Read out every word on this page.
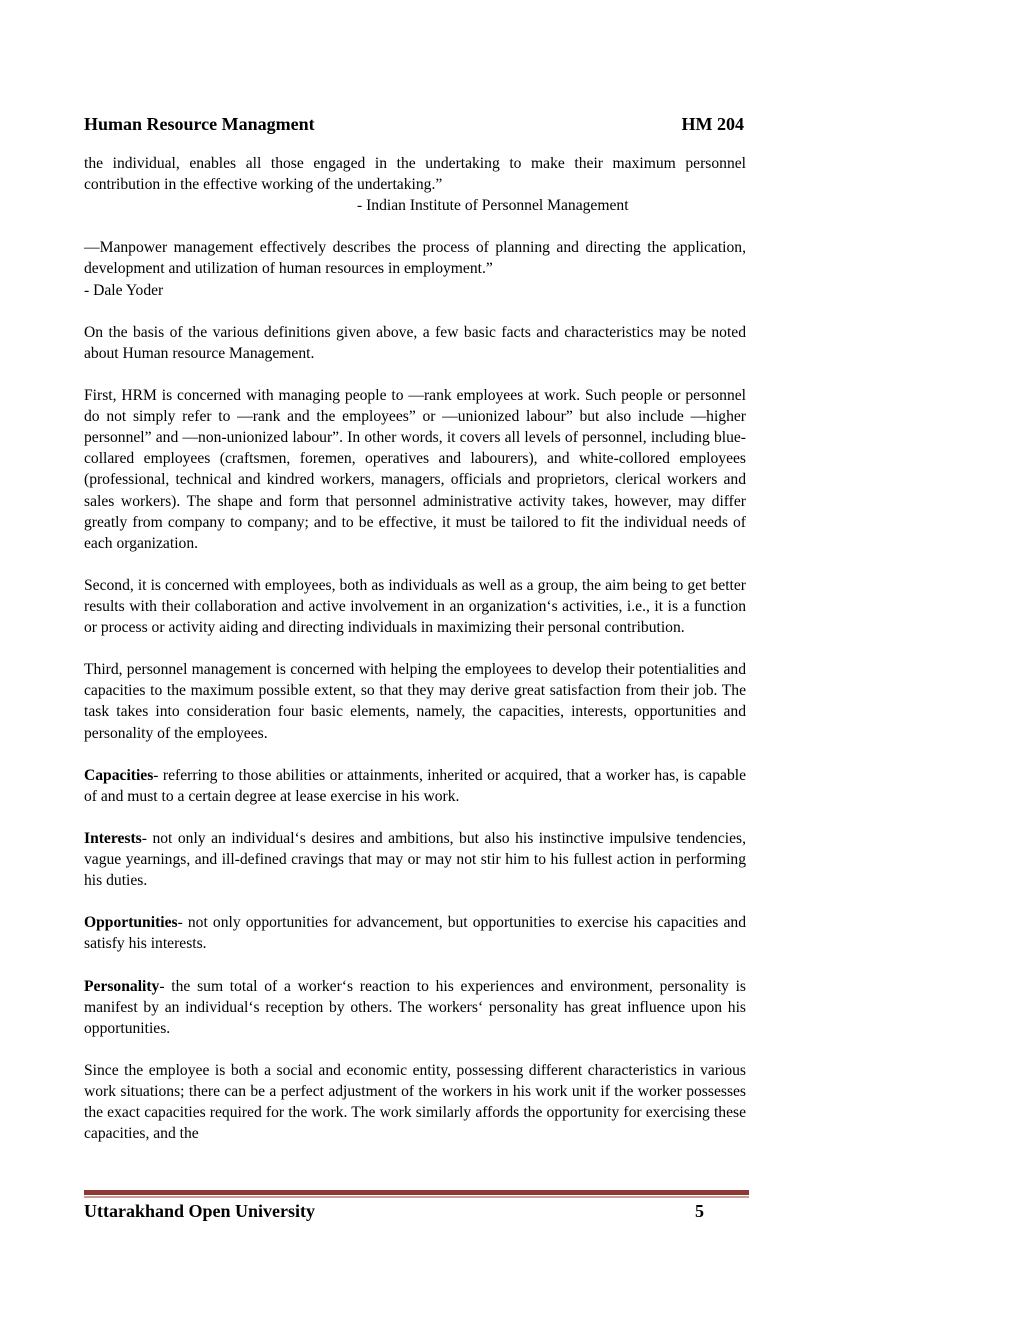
Human Resource Managment	HM 204

the individual, enables all those engaged in the undertaking to make their maximum personnel contribution in the effective working of the undertaking.”

- Indian Institute of Personnel Management

―Manpower management effectively describes the process of planning and directing the application, development and utilization of human resources in employment.”

- Dale Yoder

On the basis of the various definitions given above, a few basic facts and characteristics may be noted about Human resource Management.

First, HRM is concerned with managing people to ―rank employees at work. Such people or personnel do not simply refer to ―rank and the employees” or ―unionized labour” but also include ―higher personnel” and ―non-unionized labour”. In other words, it covers all levels of personnel, including blue-collared employees (craftsmen, foremen, operatives and labourers), and white-collored employees (professional, technical and kindred workers, managers, officials and proprietors, clerical workers and sales workers). The shape and form that personnel administrative activity takes, however, may differ greatly from company to company; and to be effective, it must be tailored to fit the individual needs of each organization.

Second, it is concerned with employees, both as individuals as well as a group, the aim being to get better results with their collaboration and active involvement in an organization‘s activities, i.e., it is a function or process or activity aiding and directing individuals in maximizing their personal contribution.

Third, personnel management is concerned with helping the employees to develop their potentialities and capacities to the maximum possible extent, so that they may derive great satisfaction from their job. The task takes into consideration four basic elements, namely, the capacities, interests, opportunities and personality of the employees.

Capacities- referring to those abilities or attainments, inherited or acquired, that a worker has, is capable of and must to a certain degree at lease exercise in his work.

Interests- not only an individual‘s desires and ambitions, but also his instinctive impulsive tendencies, vague yearnings, and ill-defined cravings that may or may not stir him to his fullest action in performing his duties.

Opportunities- not only opportunities for advancement, but opportunities to exercise his capacities and satisfy his interests.

Personality- the sum total of a worker‘s reaction to his experiences and environment, personality is manifest by an individual‘s reception by others. The workers‘ personality has great influence upon his opportunities.

Since the employee is both a social and economic entity, possessing different characteristics in various work situations; there can be a perfect adjustment of the workers in his work unit if the worker possesses the exact capacities required for the work. The work similarly affords the opportunity for exercising these capacities, and the

Uttarakhand Open University	5
